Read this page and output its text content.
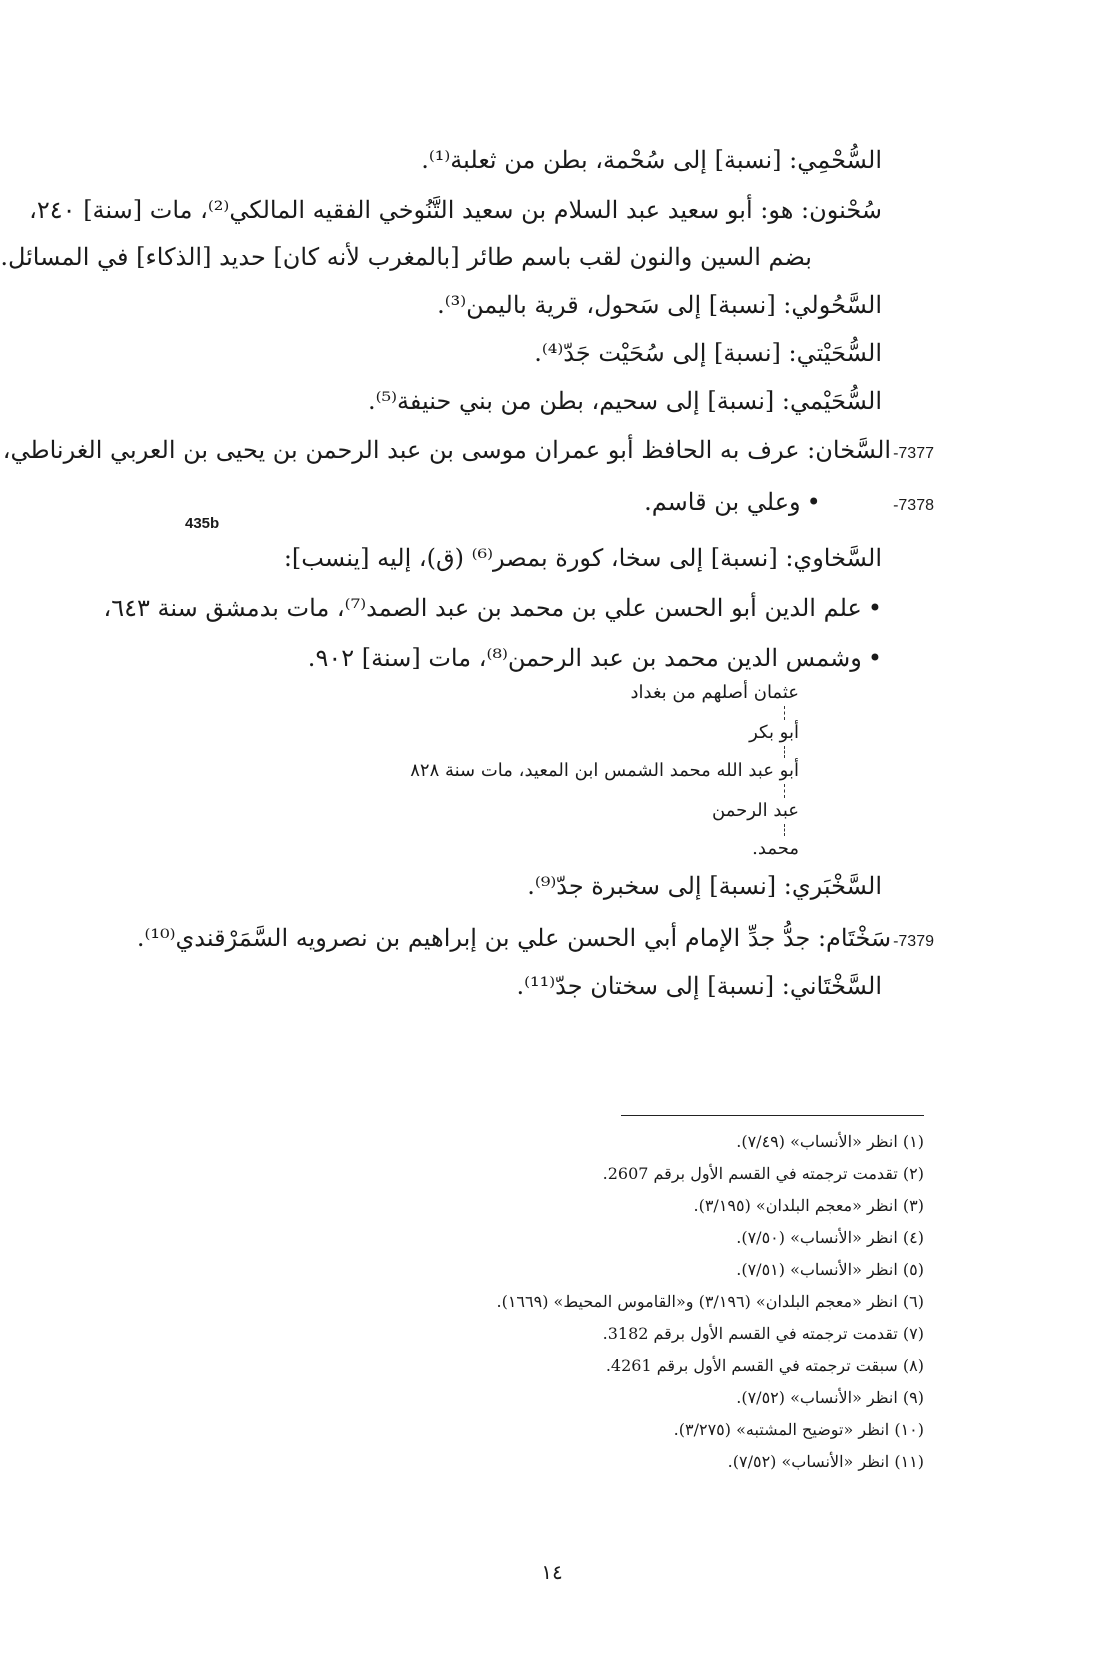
السُّحْمِي: [نسبة] إلى سُحْمة، بطن من ثعلبة⁽¹⁾.
سُحْنون: هو: أبو سعيد عبد السلام بن سعيد التَّنُوخي الفقيه المالكي⁽²⁾، مات [سنة] ٢٤٠،
بضم السين والنون لقب باسم طائر [بالمغرب لأنه كان] حديد [الذكاء] في المسائل.
السَّحُولي: [نسبة] إلى سَحول، قرية باليمن⁽³⁾.
السُّحَيْتي: [نسبة] إلى سُحَيْت جَدّ⁽⁴⁾.
السُّحَيْمي: [نسبة] إلى سحيم، بطن من بني حنيفة⁽⁵⁾.
7377-السَّخان: عرف به الحافظ أبو عمران موسى بن عبد الرحمن بن يحيى بن العربي الغرناطي،
7378-  •وعلي بن قاسم.
435b
السَّخاوي: [نسبة] إلى سخا، كورة بمصر⁽⁶⁾ (ق)، إليه [ينسب]:
•علم الدين أبو الحسن علي بن محمد بن عبد الصمد⁽⁷⁾، مات بدمشق سنة ٦٤٣،
•وشمس الدين محمد بن عبد الرحمن⁽⁸⁾، مات [سنة] ٩٠٢.
عثمان أصلهم من بغداد
أبو بكر
أبو عبد الله محمد الشمس ابن المعيد، مات سنة ٨٢٨
عبد الرحمن
محمد.
السَّخْبَري: [نسبة] إلى سخبرة جدّ⁽⁹⁾.
7379-سَخْتَام: جدُّ جدِّ الإمام أبي الحسن علي بن إبراهيم بن نصرويه السَّمَرْقندي⁽¹⁰⁾.
السَّخْتَاني: [نسبة] إلى سختان جدّ⁽¹¹⁾.
(١) انظر «الأنساب» (٧/٤٩).
(٢) تقدمت ترجمته في القسم الأول برقم 2607.
(٣) انظر «معجم البلدان» (٣/١٩٥).
(٤) انظر «الأنساب» (٧/٥٠).
(٥) انظر «الأنساب» (٧/٥١).
(٦) انظر «معجم البلدان» (٣/١٩٦) و«القاموس المحيط» (١٦٦٩).
(٧) تقدمت ترجمته في القسم الأول برقم 3182.
(٨) سبقت ترجمته في القسم الأول برقم 4261.
(٩) انظر «الأنساب» (٧/٥٢).
(١٠) انظر «توضيح المشتبه» (٣/٢٧٥).
(١١) انظر «الأنساب» (٧/٥٢).
١٤
